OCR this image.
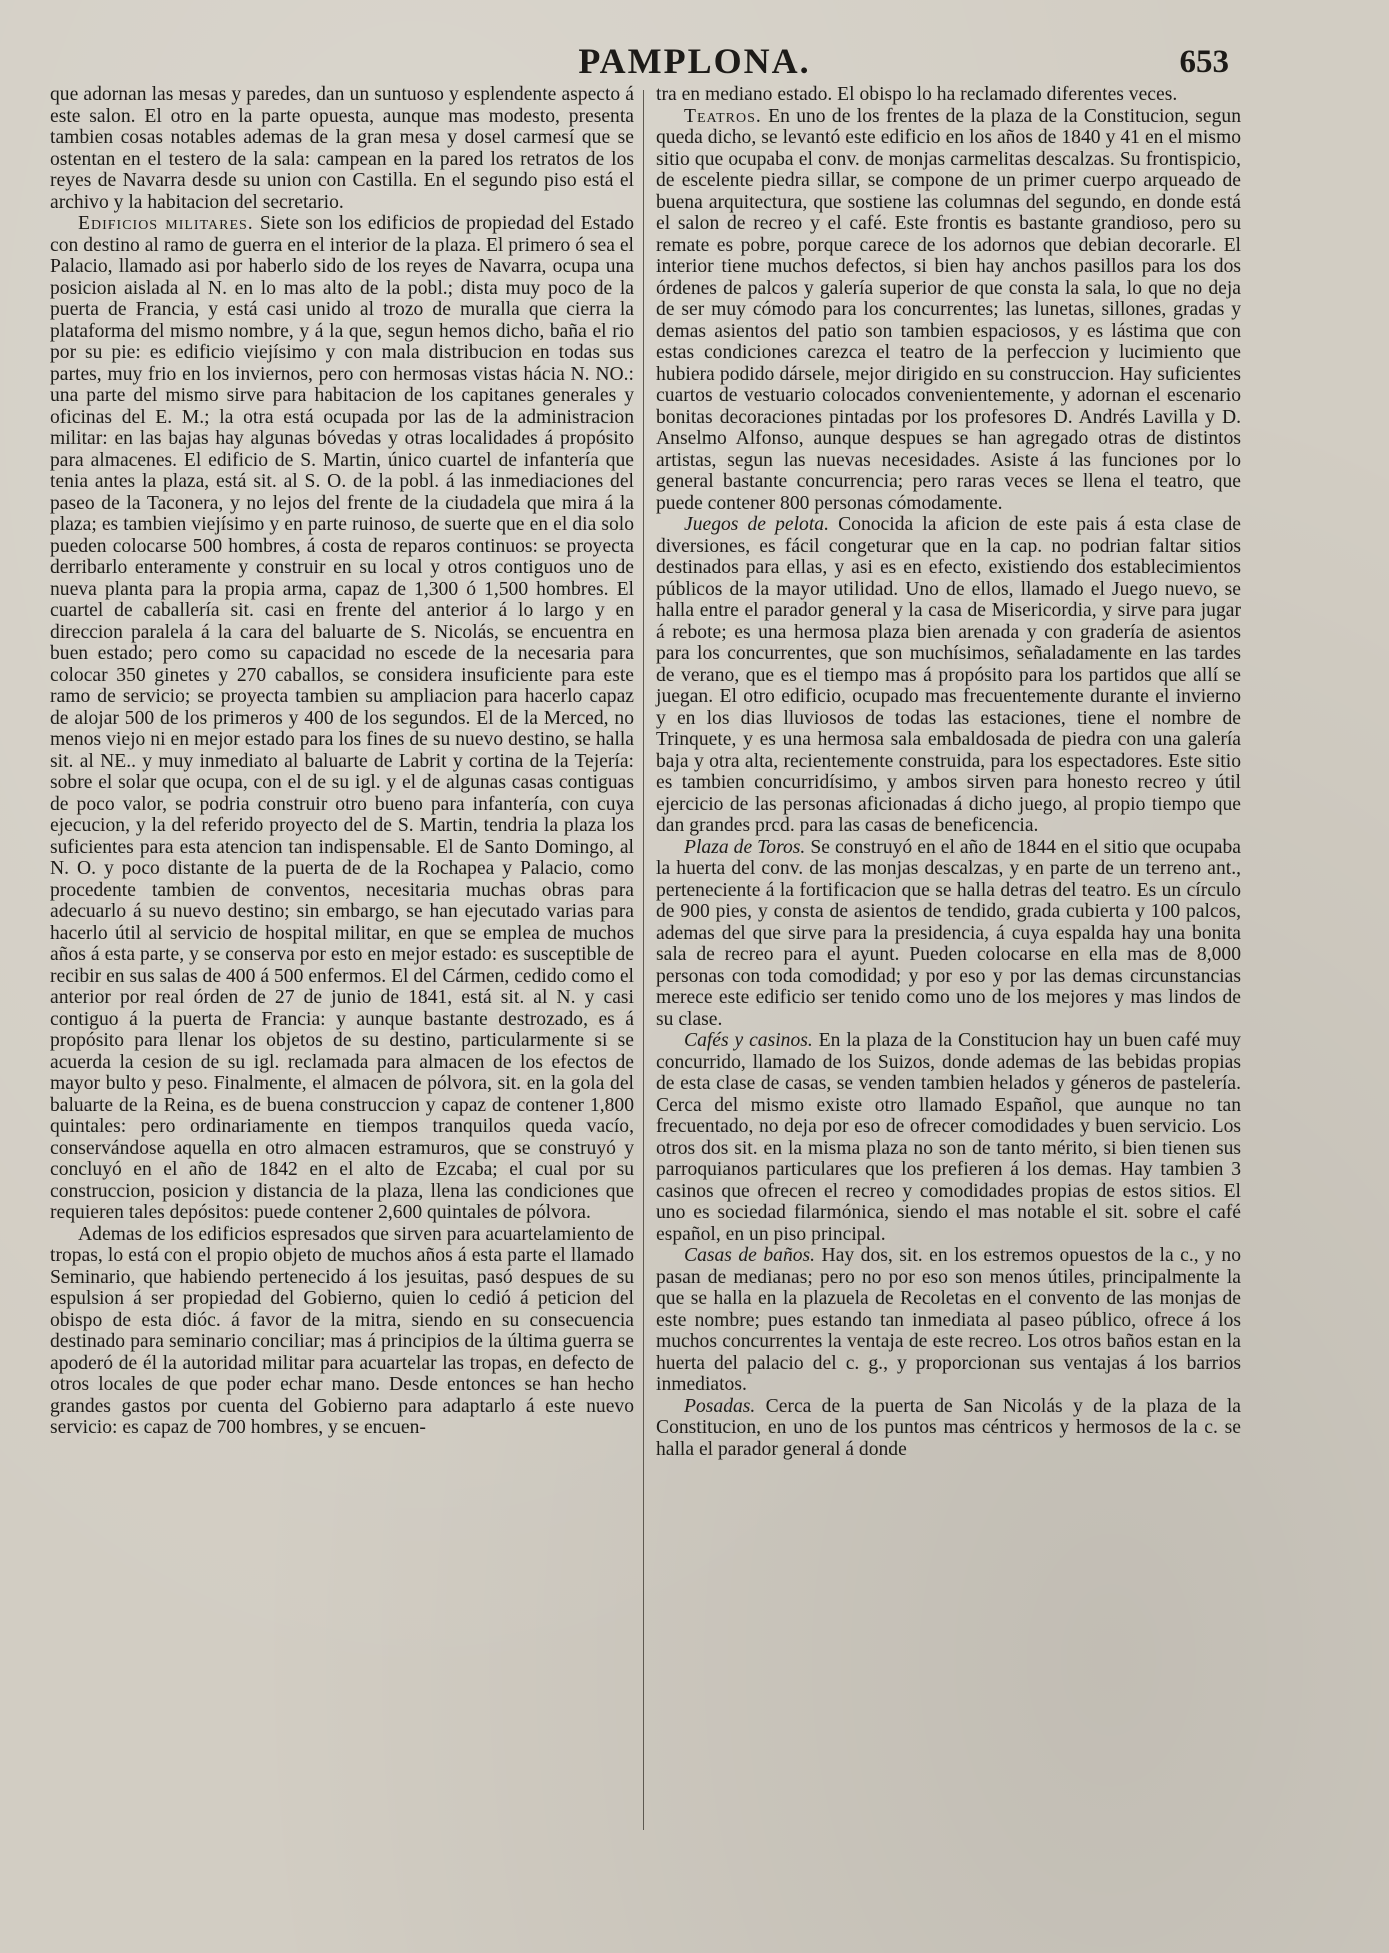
PAMPLONA.	653

que adornan las mesas y paredes, dan un suntuoso y esplendente aspecto á este salon. El otro en la parte opuesta, aunque mas modesto, presenta tambien cosas notables ademas de la gran mesa y dosel carmesí que se ostentan en el testero de la sala: campean en la pared los retratos de los reyes de Navarra desde su union con Castilla. En el segundo piso está el archivo y la habitacion del secretario.

Edificios militares. Siete son los edificios de propiedad del Estado con destino al ramo de guerra en el interior de la plaza. El primero ó sea el Palacio, llamado asi por haberlo sido de los reyes de Navarra, ocupa una posicion aislada al N. en lo mas alto de la pobl.; dista muy poco de la puerta de Francia, y está casi unido al trozo de muralla que cierra la plataforma del mismo nombre, y á la que, segun hemos dicho, baña el rio por su pie: es edificio viejísimo y con mala distribucion en todas sus partes, muy frio en los inviernos, pero con hermosas vistas hácia N. NO.: una parte del mismo sirve para habitacion de los capitanes generales y oficinas del E. M.; la otra está ocupada por las de la administracion militar: en las bajas hay algunas bóvedas y otras localidades á propósito para almacenes. El edificio de S. Martin, único cuartel de infantería que tenia antes la plaza, está sit. al S. O. de la pobl. á las inmediaciones del paseo de la Taconera, y no lejos del frente de la ciudadela que mira á la plaza; es tambien viejísimo y en parte ruinoso, de suerte que en el dia solo pueden colocarse 500 hombres, á costa de reparos continuos: se proyecta derribarlo enteramente y construir en su local y otros contiguos uno de nueva planta para la propia arma, capaz de 1,300 ó 1,500 hombres. El cuartel de caballería sit. casi en frente del anterior á lo largo y en direccion paralela á la cara del baluarte de S. Nicolás, se encuentra en buen estado; pero como su capacidad no escede de la necesaria para colocar 350 ginetes y 270 caballos, se considera insuficiente para este ramo de servicio; se proyecta tambien su ampliacion para hacerlo capaz de alojar 500 de los primeros y 400 de los segundos. El de la Merced, no menos viejo ni en mejor estado para los fines de su nuevo destino, se halla sit. al NE.. y muy inmediato al baluarte de Labrit y cortina de la Tejería: sobre el solar que ocupa, con el de su igl. y el de algunas casas contiguas de poco valor, se podria construir otro bueno para infantería, con cuya ejecucion, y la del referido proyecto del de S. Martin, tendria la plaza los suficientes para esta atencion tan indispensable. El de Santo Domingo, al N. O. y poco distante de la puerta de de la Rochapea y Palacio, como procedente tambien de conventos, necesitaria muchas obras para adecuarlo á su nuevo destino; sin embargo, se han ejecutado varias para hacerlo útil al servicio de hospital militar, en que se emplea de muchos años á esta parte, y se conserva por esto en mejor estado: es susceptible de recibir en sus salas de 400 á 500 enfermos. El del Cármen, cedido como el anterior por real órden de 27 de junio de 1841, está sit. al N. y casi contiguo á la puerta de Francia: y aunque bastante destrozado, es á propósito para llenar los objetos de su destino, particularmente si se acuerda la cesion de su igl. reclamada para almacen de los efectos de mayor bulto y peso. Finalmente, el almacen de pólvora, sit. en la gola del baluarte de la Reina, es de buena construccion y capaz de contener 1,800 quintales: pero ordinariamente en tiempos tranquilos queda vacío, conservándose aquella en otro almacen estramuros, que se construyó y concluyó en el año de 1842 en el alto de Ezcaba; el cual por su construccion, posicion y distancia de la plaza, llena las condiciones que requieren tales depósitos: puede contener 2,600 quintales de pólvora.

Ademas de los edificios espresados que sirven para acuartelamiento de tropas, lo está con el propio objeto de muchos años á esta parte el llamado Seminario, que habiendo pertenecido á los jesuitas, pasó despues de su espulsion á ser propiedad del Gobierno, quien lo cedió á peticion del obispo de esta dióc. á favor de la mitra, siendo en su consecuencia destinado para seminario conciliar; mas á principios de la última guerra se apoderó de él la autoridad militar para acuartelar las tropas, en defecto de otros locales de que poder echar mano. Desde entonces se han hecho grandes gastos por cuenta del Gobierno para adaptarlo á este nuevo servicio: es capaz de 700 hombres, y se encuen-

tra en mediano estado. El obispo lo ha reclamado diferentes veces.

Teatros. En uno de los frentes de la plaza de la Constitucion, segun queda dicho, se levantó este edificio en los años de 1840 y 41 en el mismo sitio que ocupaba el conv. de monjas carmelitas descalzas. Su frontispicio, de escelente piedra sillar, se compone de un primer cuerpo arqueado de buena arquitectura, que sostiene las columnas del segundo, en donde está el salon de recreo y el café. Este frontis es bastante grandioso, pero su remate es pobre, porque carece de los adornos que debian decorarle. El interior tiene muchos defectos, si bien hay anchos pasillos para los dos órdenes de palcos y galería superior de que consta la sala, lo que no deja de ser muy cómodo para los concurrentes; las lunetas, sillones, gradas y demas asientos del patio son tambien espaciosos, y es lástima que con estas condiciones carezca el teatro de la perfeccion y lucimiento que hubiera podido dársele, mejor dirigido en su construccion. Hay suficientes cuartos de vestuario colocados convenientemente, y adornan el escenario bonitas decoraciones pintadas por los profesores D. Andrés Lavilla y D. Anselmo Alfonso, aunque despues se han agregado otras de distintos artistas, segun las nuevas necesidades. Asiste á las funciones por lo general bastante concurrencia; pero raras veces se llena el teatro, que puede contener 800 personas cómodamente.

Juegos de pelota. Conocida la aficion de este pais á esta clase de diversiones, es fácil congeturar que en la cap. no podrian faltar sitios destinados para ellas, y asi es en efecto, existiendo dos establecimientos públicos de la mayor utilidad. Uno de ellos, llamado el Juego nuevo, se halla entre el parador general y la casa de Misericordia, y sirve para jugar á rebote; es una hermosa plaza bien arenada y con gradería de asientos para los concurrentes, que son muchísimos, señaladamente en las tardes de verano, que es el tiempo mas á propósito para los partidos que allí se juegan. El otro edificio, ocupado mas frecuentemente durante el invierno y en los dias lluviosos de todas las estaciones, tiene el nombre de Trinquete, y es una hermosa sala embaldosada de piedra con una galería baja y otra alta, recientemente construida, para los espectadores. Este sitio es tambien concurridísimo, y ambos sirven para honesto recreo y útil ejercicio de las personas aficionadas á dicho juego, al propio tiempo que dan grandes prcd. para las casas de beneficencia.

Plaza de Toros. Se construyó en el año de 1844 en el sitio que ocupaba la huerta del conv. de las monjas descalzas, y en parte de un terreno ant., perteneciente á la fortificacion que se halla detras del teatro. Es un círculo de 900 pies, y consta de asientos de tendido, grada cubierta y 100 palcos, ademas del que sirve para la presidencia, á cuya espalda hay una bonita sala de recreo para el ayunt. Pueden colocarse en ella mas de 8,000 personas con toda comodidad; y por eso y por las demas circunstancias merece este edificio ser tenido como uno de los mejores y mas lindos de su clase.

Cafés y casinos. En la plaza de la Constitucion hay un buen café muy concurrido, llamado de los Suizos, donde ademas de las bebidas propias de esta clase de casas, se venden tambien helados y géneros de pastelería. Cerca del mismo existe otro llamado Español, que aunque no tan frecuentado, no deja por eso de ofrecer comodidades y buen servicio. Los otros dos sit. en la misma plaza no son de tanto mérito, si bien tienen sus parroquianos particulares que los prefieren á los demas. Hay tambien 3 casinos que ofrecen el recreo y comodidades propias de estos sitios. El uno es sociedad filarmónica, siendo el mas notable el sit. sobre el café español, en un piso principal.

Casas de baños. Hay dos, sit. en los estremos opuestos de la c., y no pasan de medianas; pero no por eso son menos útiles, principalmente la que se halla en la plazuela de Recoletas en el convento de las monjas de este nombre; pues estando tan inmediata al paseo público, ofrece á los muchos concurrentes la ventaja de este recreo. Los otros baños estan en la huerta del palacio del c. g., y proporcionan sus ventajas á los barrios inmediatos.

Posadas. Cerca de la puerta de San Nicolás y de la plaza de la Constitucion, en uno de los puntos mas céntricos y hermosos de la c. se halla el parador general á donde
